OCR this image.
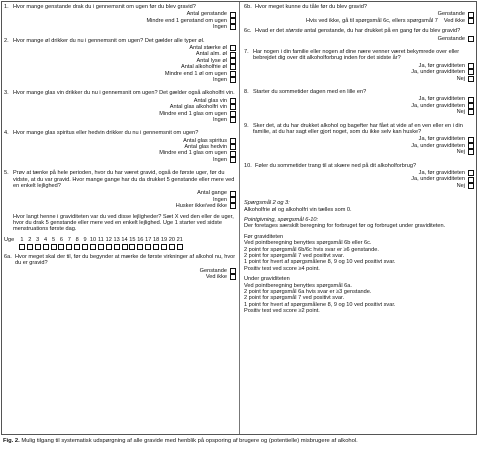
1. Hvor mange genstande drak du i gennemsnit om ugen før du blev gravid?
Antal genstande
Mindre end 1 genstand om ugen
Ingen
2. Hvor mange øl drikker du nu i gennemsnit om ugen? Det gælder alle typer øl.
Antal stærke øl
Antal alm. øl
Antal lyse øl
Antal alkoholfrie øl
Mindre end 1 øl om ugen
Ingen
3. Hvor mange glas vin drikker du nu i gennemsnit om ugen? Det gælder også alkoholfri vin.
Antal glas vin
Antal glas alkoholfri vin
Mindre end 1 glas om ugen
Ingen
4. Hvor mange glas spiritus eller hedvin drikker du nu i gennemsnit om ugen?
Antal glas spiritus
Antal glas hedvin
Mindre end 1 glas om ugen
Ingen
5. Prøv at tænke på hele perioden, hvor du har været gravid, også de første uger, før du vidste, at du var gravid. Hvor mange gange har du da drukket 5 genstande eller mere ved en enkelt lejlighed?
Antal gange
Ingen
Husker ikke/ved ikke
Hvor langt henne i graviditeten var du ved disse lejligheder? Sæt X ved den eller de uger, hvor du drak 5 genstande eller mere ved en enkelt lejlighed. Uge 1 starter ved sidste menstruations første dag.
Uge	1 2 3 4 5 6 7 8 9 10 11 12 13 14 15 16 17 18 19 20 21
6a. Hvor meget skal der til, før du begynder at mærke de første virkninger af alkohol nu, hvor du er gravid?
Genstande
Ved ikke
6b. Hvor meget kunne du tåle før du blev gravid?
Genstande
Hvis ved ikke, gå til spørgsmål 6c, ellers spørgsmål 7 Ved ikke
6c. Hvad er det største antal genstande, du har drukket på en gang før du blev gravid?
Genstande
7. Har nogen i din familie eller nogen af dine nære venner været bekymrede over eller bebrejdet dig over dit alkoholforbrug inden for det sidste år?
Ja, før graviditeten
Ja, under graviditeten
Nej
8. Starter du sommetider dagen med en lille en?
Ja, før graviditeten
Ja, under graviditeten
Nej
9. Sker det, at du har drukket alkohol og bagefter har fået at vide af en ven eller en i din familie, at du har sagt eller gjort noget, som du ikke selv kan huske?
Ja, før graviditeten
Ja, under graviditeten
Nej
10. Føler du sommetider trang til at skære ned på dit alkoholforbrug?
Ja, før graviditeten
Ja, under graviditeten
Nej
Spørgsmål 2 og 3:
Alkoholfrie øl og alkoholfri vin tælles som 0.
Pointgivning, spørgsmål 6-10:
Der foretages særskilt beregning for forbruget før og forbruget under graviditeten.
Før graviditeten
Ved pointberegning benyttes spørgsmål 6b eller 6c.
2 point for spørgsmål 6b/6c hvis svar er ≥6 genstande.
2 point for spørgsmål 7 ved positivt svar.
1 point for hvert af spørgsmålene 8, 9 og 10 ved positivt svar.
Positiv test ved score ≥4 point.
Under graviditeten
Ved pointberegning benyttes spørgsmål 6a.
2 point for spørgsmål 6a hvis svar er ≥3 genstande.
2 point for spørgsmål 7 ved positivt svar.
1 point for hvert af spørgsmålene 8, 9 og 10 ved positivt svar.
Positiv test ved score ≥2 point.
Fig. 2. Mulig tilgang til systematisk udspørgning af alle gravide med henblik på opsporing af brugere og (potentielle) misbrugere af alkohol.
